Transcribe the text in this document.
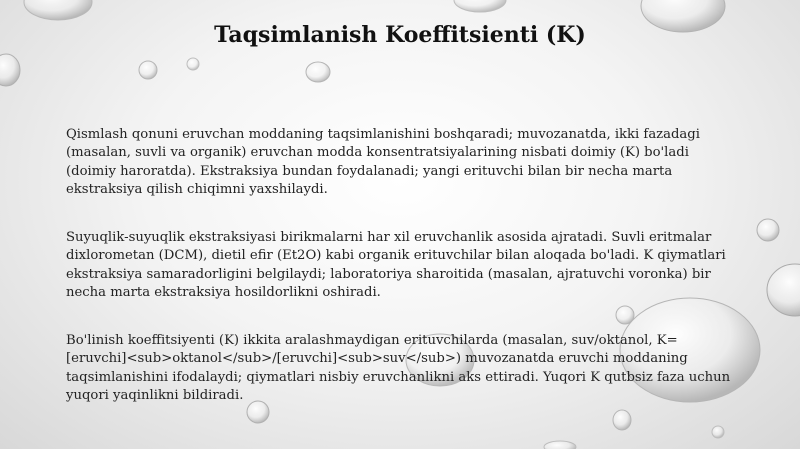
Taqsimlanish Koeffitsienti (K)

Qismlash qonuni eruvchan moddaning taqsimlanishini boshqaradi; muvozanatda, ikki fazadagi (masalan, suvli va organik) eruvchan modda konsentratsiyalarining nisbati doimiy (K) bo'ladi (doimiy haroratda). Ekstraksiya bundan foydalanadi; yangi erituvchi bilan bir necha marta ekstraksiya qilish chiqimni yaxshilaydi.

Suyuqlik-suyuqlik ekstraksiyasi birikmalarni har xil eruvchanlik asosida ajratadi. Suvli eritmalar dixlorometan (DCM), dietil efir (Et2O) kabi organik erituvchilar bilan aloqada bo'ladi. K qiymatlari ekstraksiya samaradorligini belgilaydi; laboratoriya sharoitida (masalan, ajratuvchi voronka) bir necha marta ekstraksiya hosildorlikni oshiradi.

Bo'linish koeffitsiyenti (K) ikkita aralashmaydigan erituvchilarda (masalan, suv/oktanol, K=[eruvchi]<sub>oktanol</sub>/[eruvchi]<sub>suv</sub>) muvozanatda eruvchi moddaning taqsimlanishini ifodalaydi; qiymatlari nisbiy eruvchanlikni aks ettiradi. Yuqori K qutbsiz faza uchun yuqori yaqinlikni bildiradi.
